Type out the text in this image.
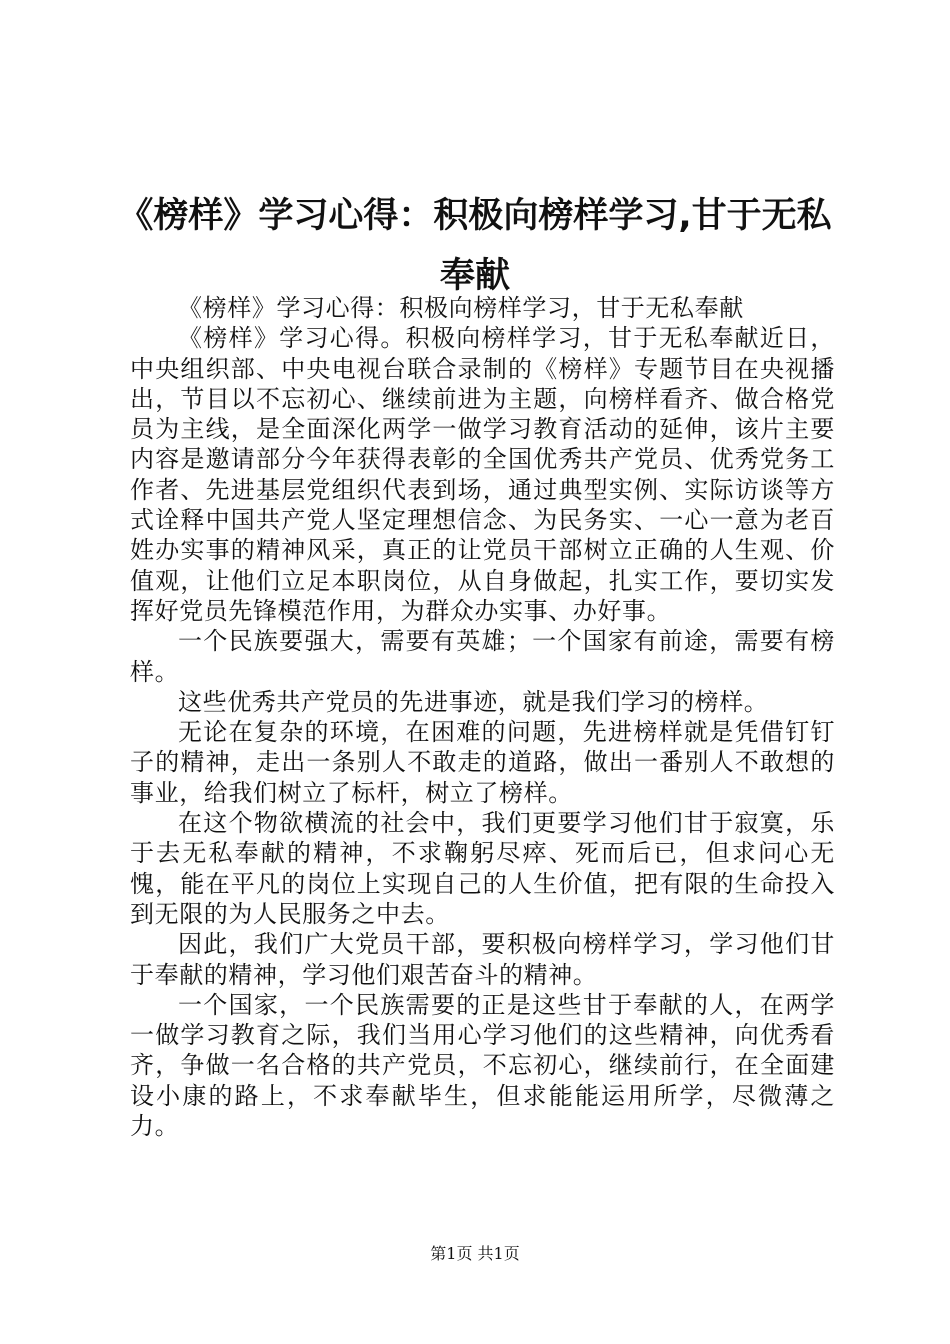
《榜样》学习心得：积极向榜样学习,甘于无私奉献

《榜样》学习心得：积极向榜样学习，甘于无私奉献

《榜样》学习心得。积极向榜样学习，甘于无私奉献近日，中央组织部、中央电视台联合录制的《榜样》专题节目在央视播出，节目以不忘初心、继续前进为主题，向榜样看齐、做合格党员为主线，是全面深化两学一做学习教育活动的延伸，该片主要内容是邀请部分今年获得表彰的全国优秀共产党员、优秀党务工作者、先进基层党组织代表到场，通过典型实例、实际访谈等方式诠释中国共产党人坚定理想信念、为民务实、一心一意为老百姓办实事的精神风采，真正的让党员干部树立正确的人生观、价值观，让他们立足本职岗位，从自身做起，扎实工作，要切实发挥好党员先锋模范作用，为群众办实事、办好事。

一个民族要强大，需要有英雄；一个国家有前途，需要有榜样。

这些优秀共产党员的先进事迹，就是我们学习的榜样。

无论在复杂的环境，在困难的问题，先进榜样就是凭借钉钉子的精神，走出一条别人不敢走的道路，做出一番别人不敢想的事业，给我们树立了标杆，树立了榜样。

在这个物欲横流的社会中，我们更要学习他们甘于寂寞，乐于去无私奉献的精神，不求鞠躬尽瘁、死而后已，但求问心无愧，能在平凡的岗位上实现自己的人生价值，把有限的生命投入到无限的为人民服务之中去。

因此，我们广大党员干部，要积极向榜样学习，学习他们甘于奉献的精神，学习他们艰苦奋斗的精神。

一个国家，一个民族需要的正是这些甘于奉献的人，在两学一做学习教育之际，我们当用心学习他们的这些精神，向优秀看齐，争做一名合格的共产党员，不忘初心，继续前行，在全面建设小康的路上，不求奉献毕生，但求能能运用所学，尽微薄之力。

第1页 共1页
